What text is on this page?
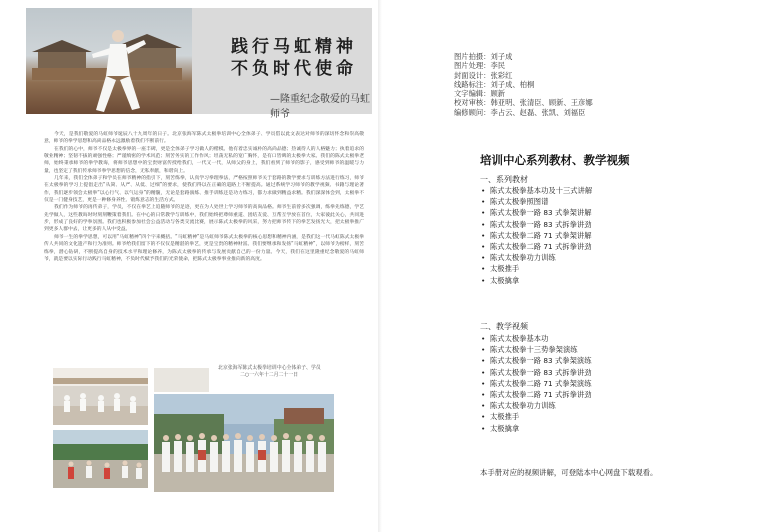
践行马虹精神
不负时代使命
—隆重纪念敬爱的马虹师爷

今天，是我们敬爱的马虹师爷诞辰八十九周年的日子。北京张海军陈式太极拳培训中心全体弟子、学员借以此文表达对师爷的深切怀念和崇高敬意，师爷的拳学思想和高尚品格永远激励着我们不断前行。

在我们的心中，师爷不仅是太极拳界的一座丰碑，更是全体弟子学习做人的楷模。他有着忠实诚朴的高尚品德；热诚待人的人格魅力；执着追求的敬业精神；坚韧不拔的顽强性格；严谨缜密的学术风范；刻苦务实的工作作风；坦荡无私的宽广胸怀，是有口皆碑的太极拳大家。我们的陈式太极拳老师，始终秉承师爷的拳学教诲，将师爷思想中的宝贵财富传授给我们，一代又一代，从师父的身上，我们看到了师爷的影子，感受到师爷的温暖与力量，也坚定了我们传承师爷拳学思想的信念，无私奉献，和谐向上。

几年来，我们全体弟子和学员在师爷精神的指引下，刻苦练拳，认真学习拳理拳法，严格按照师爷关于套路的教学要求与训练方法进行练习，师爷在太极拳的学习上提倡走出“从简、从严、从低、过细”的要求，使我们得以在正确的道路上不断提高。通过系统学习师爷的教学视频、书籍与理论著作，我们逐步领会太极拳“以心行气、以气运身”的精髓，无论是套路演练、推手训练还是功力练习，都力求做到精益求精。我们深深体会到，太极拳不仅是一门健身技艺，更是一种修身养性、锻炼意志的生活方式。

我们作为师爷的再传弟子，学员，不仅在拳艺上追随师爷的足迹，更在为人处世上学习师爷的高尚品格。师爷生前曾多次强调，练拳先练德，学艺先学做人，这些教诲时时刻刻鞭策着我们。在中心的日常教学与训练中，我们始终把尊师重道、团结友爱、互帮互学放在首位，大家彼此关心，共同进步，形成了良好的学拳氛围。我们也积极参加社会公益活动与各类交流比赛，展示陈式太极拳的风采，努力把师爷传下的拳艺发扬光大，把太极拳推广到更多人群中去，让更多的人从中受益。

师爷一生的拳学思想，可以用“马虹精神”四个字来概括。“马虹精神”是马虹师爷陈式太极拳的核心思想和精神内涵，是我们这一代马虹陈式太极拳传人共同的文化遗产和行为准则。师爷给我们留下的不仅仅是精湛的拳艺，更是宝贵的精神财富。我们要继承和发扬“马虹精神”，以师爷为榜样，刻苦练拳，潜心钻研，不断提高自身的技术水平和理论修养，为陈式太极拳的传承与发展贡献自己的一份力量。今天，我们在这里隆重纪念敬爱的马虹师爷，就是要以实际行动践行马虹精神，不负时代赋予我们的光荣使命，把陈式太极拳事业推向新的高度。

北京张海军陈式太极拳培训中心全体弟子、学员
二○一六年十二月二十一日
图片拍摄：刘子成
图片处理：李民
封面设计：张彩红
线路标注：刘子成、柏桐
文字编辑：顾新
校对审核：韩亚明、张清臣、顾新、王彦娜
编修顾问：李占云、赵磊、张凯、刘福臣
培训中心系列教材、教学视频
一、系列教材
• 陈式太极拳基本功及十三式讲解
• 陈式太极拳照图谱
• 陈式太极拳一路 83 式拳架讲解
• 陈式太极拳一路 83 式拆拳讲劲
• 陈式太极拳二路 71 式拳架讲解
• 陈式太极拳二路 71 式拆拳讲劲
• 陈式太极拳功力训练
• 太极推手
• 太极擒拿
二、教学视频
• 陈式太极拳基本功
• 陈式太极拳十三势拳架演练
• 陈式太极拳一路 83 式拳架演练
• 陈式太极拳一路 83 式拆拳讲劲
• 陈式太极拳二路 71 式拳架演练
• 陈式太极拳二路 71 式拆拳讲劲
• 陈式太极拳功力训练
• 太极推手
• 太极擒拿
本手册对应的视频讲解，可登陆本中心网盘下载观看。
